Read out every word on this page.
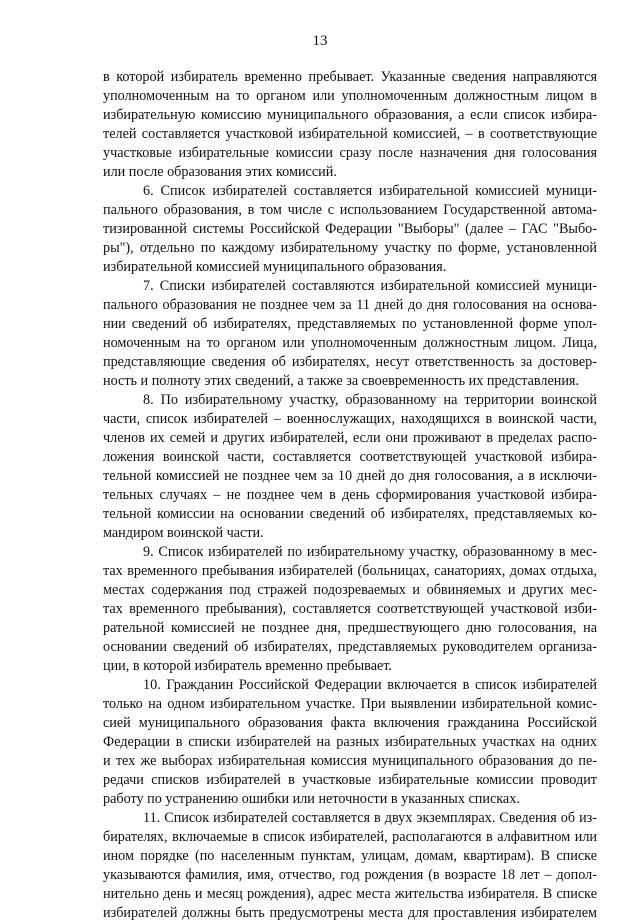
13
в которой избиратель временно пребывает. Указанные сведения направляются
уполномоченным на то органом или уполномоченным должностным лицом в
избирательную комиссию муниципального образования, а если список избира-
телей составляется участковой избирательной комиссией, – в соответствующие
участковые избирательные комиссии сразу после назначения дня голосования
или после образования этих комиссий.
6. Список избирателей составляется избирательной комиссией муници-
пального образования, в том числе с использованием Государственной автома-
тизированной системы Российской Федерации "Выборы" (далее – ГАС "Выбо-
ры"), отдельно по каждому избирательному участку по форме, установленной
избирательной комиссией муниципального образования.
7. Списки избирателей составляются избирательной комиссией муници-
пального образования не позднее чем за 11 дней до дня голосования на основа-
нии сведений об избирателях, представляемых по установленной форме упол-
номоченным на то органом или уполномоченным должностным лицом. Лица,
представляющие сведения об избирателях, несут ответственность за достовер-
ность и полноту этих сведений, а также за своевременность их представления.
8. По избирательному участку, образованному на территории воинской
части, список избирателей – военнослужащих, находящихся в воинской части,
членов их семей и других избирателей, если они проживают в пределах распо-
ложения воинской части, составляется соответствующей участковой избира-
тельной комиссией не позднее чем за 10 дней до дня голосования, а в исключи-
тельных случаях – не позднее чем в день сформирования участковой избира-
тельной комиссии на основании сведений об избирателях, представляемых ко-
мандиром воинской части.
9. Список избирателей по избирательному участку, образованному в мес-
тах временного пребывания избирателей (больницах, санаториях, домах отдыха,
местах содержания под стражей подозреваемых и обвиняемых и других мес-
тах временного пребывания), составляется соответствующей участковой изби-
рательной комиссией не позднее дня, предшествующего дню голосования, на
основании сведений об избирателях, представляемых руководителем организа-
ции, в которой избиратель временно пребывает.
10. Гражданин Российской Федерации включается в список избирателей
только на одном избирательном участке. При выявлении избирательной комис-
сией муниципального образования факта включения гражданина Российской
Федерации в списки избирателей на разных избирательных участках на одних
и тех же выборах избирательная комиссия муниципального образования до пе-
редачи списков избирателей в участковые избирательные комиссии проводит
работу по устранению ошибки или неточности в указанных списках.
11. Список избирателей составляется в двух экземплярах. Сведения об из-
бирателях, включаемые в список избирателей, располагаются в алфавитном или
ином порядке (по населенным пунктам, улицам, домам, квартирам). В списке
указываются фамилия, имя, отчество, год рождения (в возрасте 18 лет – допол-
нительно день и месяц рождения), адрес места жительства избирателя. В списке
избирателей должны быть предусмотрены места для проставления избирателем
